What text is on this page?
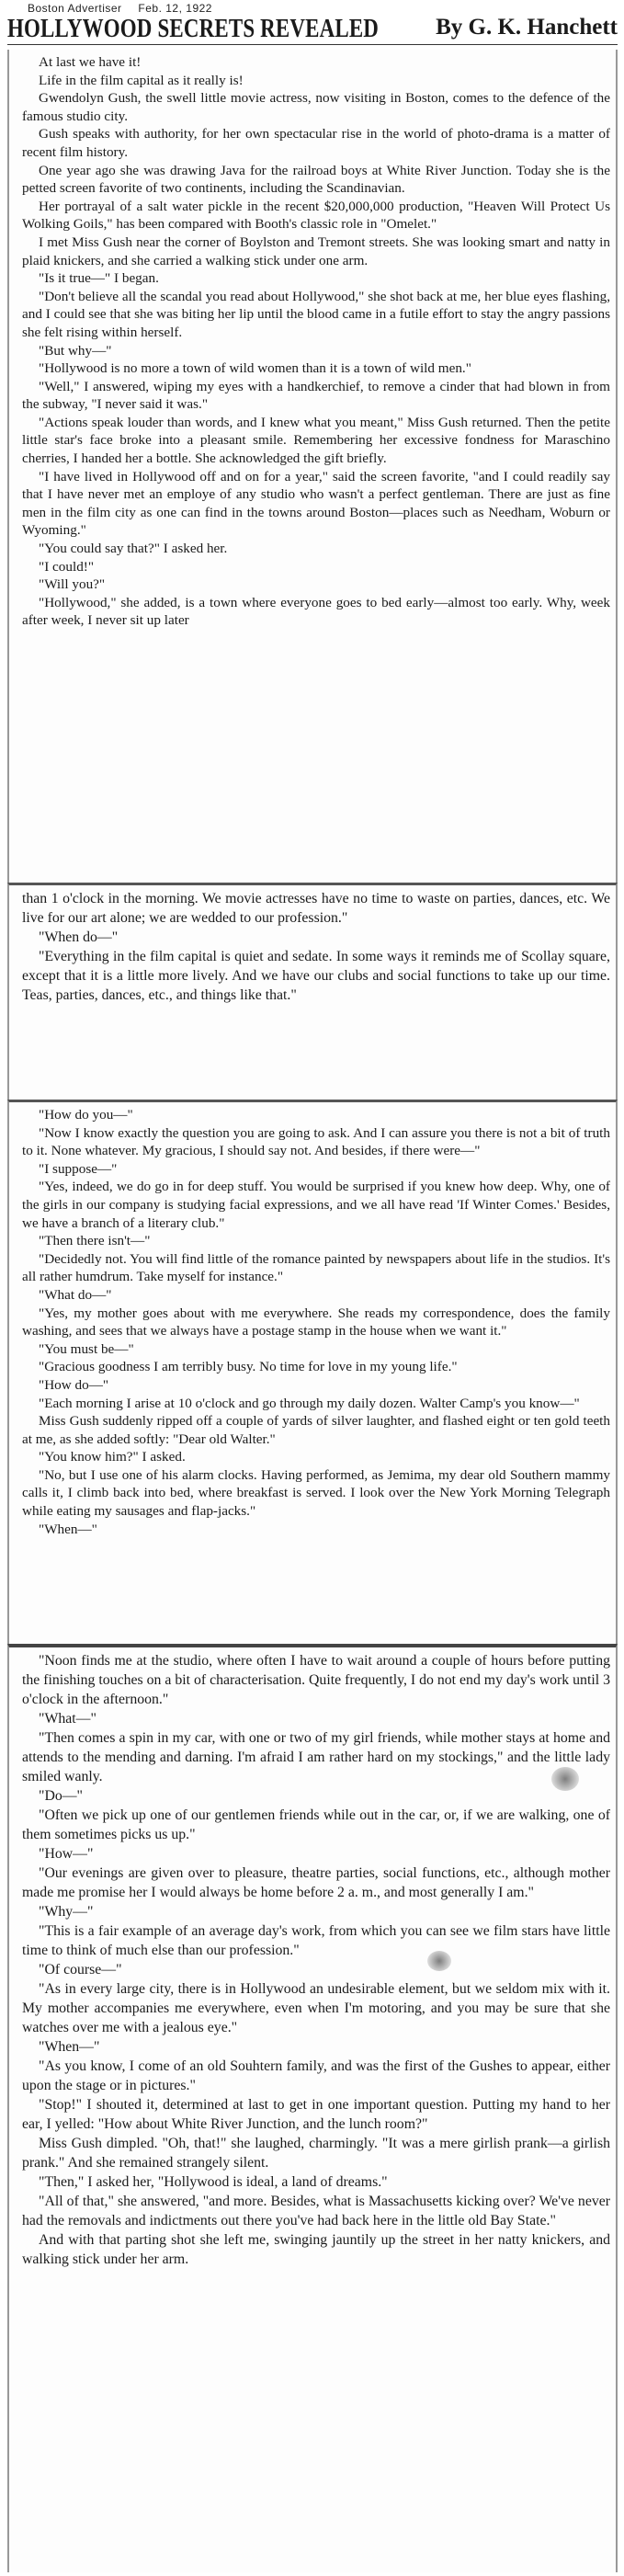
Boston Advertiser Feb. 12, 1922
HOLLYWOOD SECRETS REVEALED By G. K. Hanchett

At last we have it!

Life in the film capital as it really is!

Gwendolyn Gush, the swell little movie actress, now visiting in Boston, comes to the defence of the famous studio city.

Gush speaks with authority, for her own spectacular rise in the world of photo-drama is a matter of recent film history.

One year ago she was drawing Java for the railroad boys at White River Junction. Today she is the petted screen favorite of two continents, including the Scandinavian.

Her portrayal of a salt water pickle in the recent $20,000,000 production, "Heaven Will Protect Us Wolking Goils," has been compared with Booth's classic role in "Omelet."

I met Miss Gush near the corner of Boylston and Tremont streets. She was looking smart and natty in plaid knickers, and she carried a walking stick under one arm.

"Is it true—" I began.

"Don't believe all the scandal you read about Hollywood," she shot back at me, her blue eyes flashing, and I could see that she was biting her lip until the blood came in a futile effort to stay the angry passions she felt rising within herself.

"But why—"

"Hollywood is no more a town of wild women than it is a town of wild men."

"Well," I answered, wiping my eyes with a handkerchief, to remove a cinder that had blown in from the subway, "I never said it was."

"Actions speak louder than words, and I knew what you meant," Miss Gush returned. Then the petite little star's face broke into a pleasant smile. Remembering her excessive fondness for Maraschino cherries, I handed her a bottle. She acknowledged the gift briefly.

"I have lived in Hollywood off and on for a year," said the screen favorite, "and I could readily say that I have never met an employe of any studio who wasn't a perfect gentleman. There are just as fine men in the film city as one can find in the towns around Boston—places such as Needham, Woburn or Wyoming."

"You could say that?" I asked her.

"I could!"

"Will you?"

"Hollywood," she added, is a town where everyone goes to bed early—almost too early. Why, week after week, I never sit up later

than 1 o'clock in the morning. We movie actresses have no time to waste on parties, dances, etc. We live for our art alone; we are wedded to our profession."

"When do—"

"Everything in the film capital is quiet and sedate. In some ways it reminds me of Scollay square, except that it is a little more lively. And we have our clubs and social functions to take up our time. Teas, parties, dances, etc., and things like that."

"How do you—"

"Now I know exactly the question you are going to ask. And I can assure you there is not a bit of truth to it. None whatever. My gracious, I should say not. And besides, if there were—"

"I suppose—"

"Yes, indeed, we do go in for deep stuff. You would be surprised if you knew how deep. Why, one of the girls in our company is studying facial expressions, and we all have read 'If Winter Comes.' Besides, we have a branch of a literary club."

"Then there isn't—"

"Decidedly not. You will find little of the romance painted by newspapers about life in the studios. It's all rather humdrum. Take myself for instance."

"What do—"

"Yes, my mother goes about with me everywhere. She reads my correspondence, does the family washing, and sees that we always have a postage stamp in the house when we want it."

"You must be—"

"Gracious goodness I am terribly busy. No time for love in my young life."

"How do—"

"Each morning I arise at 10 o'clock and go through my daily dozen. Walter Camp's you know—"

Miss Gush suddenly ripped off a couple of yards of silver laughter, and flashed eight or ten gold teeth at me, as she added softly: "Dear old Walter."

"You know him?" I asked.

"No, but I use one of his alarm clocks. Having performed, as Jemima, my dear old Southern mammy calls it, I climb back into bed, where breakfast is served. I look over the New York Morning Telegraph while eating my sausages and flap-jacks."

"When—"

"Noon finds me at the studio, where often I have to wait around a couple of hours before putting the finishing touches on a bit of characterisation. Quite frequently, I do not end my day's work until 3 o'clock in the afternoon."

"What—"

"Then comes a spin in my car, with one or two of my girl friends, while mother stays at home and attends to the mending and darning. I'm afraid I am rather hard on my stockings," and the little lady smiled wanly.

"Do—"

"Often we pick up one of our gentlemen friends while out in the car, or, if we are walking, one of them sometimes picks us up."

"How—"

"Our evenings are given over to pleasure, theatre parties, social functions, etc., although mother made me promise her I would always be home before 2 a. m., and most generally I am."

"Why—"

"This is a fair example of an average day's work, from which you can see we film stars have little time to think of much else than our profession."

"Of course—"

"As in every large city, there is in Hollywood an undesirable element, but we seldom mix with it. My mother accompanies me everywhere, even when I'm motoring, and you may be sure that she watches over me with a jealous eye."

"When—"

"As you know, I come of an old Souhtern family, and was the first of the Gushes to appear, either upon the stage or in pictures."

"Stop!" I shouted it, determined at last to get in one important question. Putting my hand to her ear, I yelled: "How about White River Junction, and the lunch room?"

Miss Gush dimpled. "Oh, that!" she laughed, charmingly. "It was a mere girlish prank—a girlish prank." And she remained strangely silent.

"Then," I asked her, "Hollywood is ideal, a land of dreams."

"All of that," she answered, "and more. Besides, what is Massachusetts kicking over? We've never had the removals and indictments out there you've had back here in the little old Bay State."

And with that parting shot she left me, swinging jauntily up the street in her natty knickers, and walking stick under her arm.
